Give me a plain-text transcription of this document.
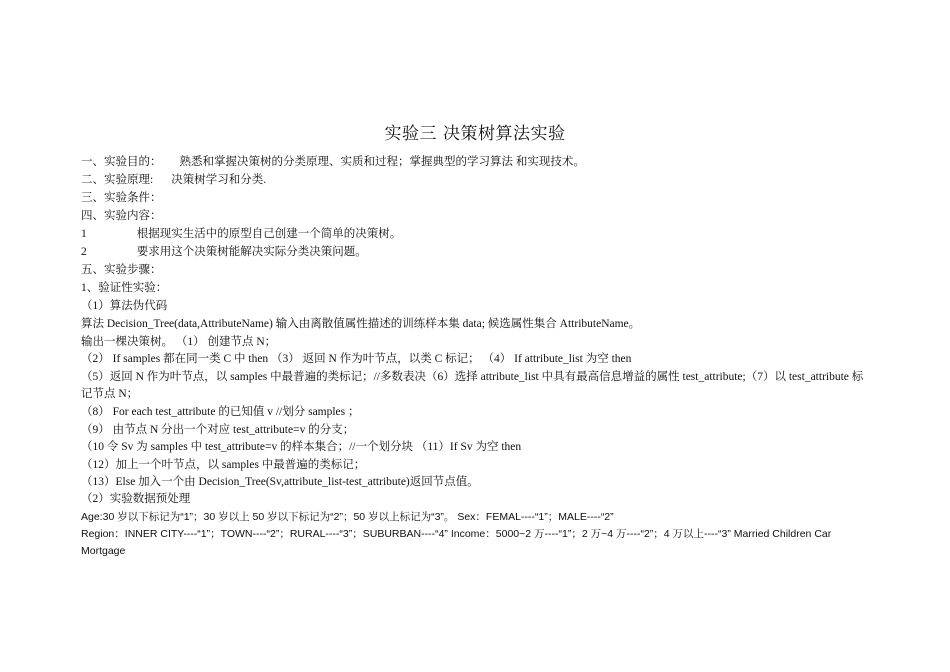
实验三 决策树算法实验
一、实验目的： 熟悉和掌握决策树的分类原理、实质和过程；掌握典型的学习算法 和实现技术。
二、实验原理: 决策树学习和分类.
三、实验条件：
四、实验内容：
1	根据现实生活中的原型自己创建一个简单的决策树。
2	要求用这个决策树能解决实际分类决策问题。
五、实验步骤：
1、验证性实验：
（1）算法伪代码
算法 Decision_Tree(data,AttributeName) 输入由离散值属性描述的训练样本集 data; 候选属性集合 AttributeName。
输出一棵决策树。 （1） 创建节点 N；
（2） If samples 都在同一类 C 中 then （3） 返回 N 作为叶节点，以类 C 标记； （4） If attribute_list 为空 then
（5）返回 N 作为叶节点，以 samples 中最普遍的类标记；//多数表决（6）选择 attribute_list 中具有最高信息增益的属性 test_attribute;（7）以 test_attribute 标记节点 N；
（8） For each test_attribute 的已知值 v //划分 samples ；
（9） 由节点 N 分出一个对应 test_attribute=v 的分支；
（10 令 Sv 为 samples 中 test_attribute=v 的样本集合；//一个划分块 （11）If Sv 为空 then
（12）加上一个叶节点，以 samples 中最普遍的类标记；
（13）Else 加入一个由 Decision_Tree(Sv,attribute_list-test_attribute)返回节点值。
（2）实验数据预处理
Age:30 岁以下标记为“1”；30 岁以上 50 岁以下标记为“2”；50 岁以上标记为“3”。 Sex：FEMAL----“1”；MALE----“2”
Region：INNER CITY----“1”；TOWN----“2”；RURAL----“3”；SUBURBAN----“4” Income：5000~2 万----“1”；2 万~4 万----“2”；4 万以上----“3” Married Children Car Mortgage
